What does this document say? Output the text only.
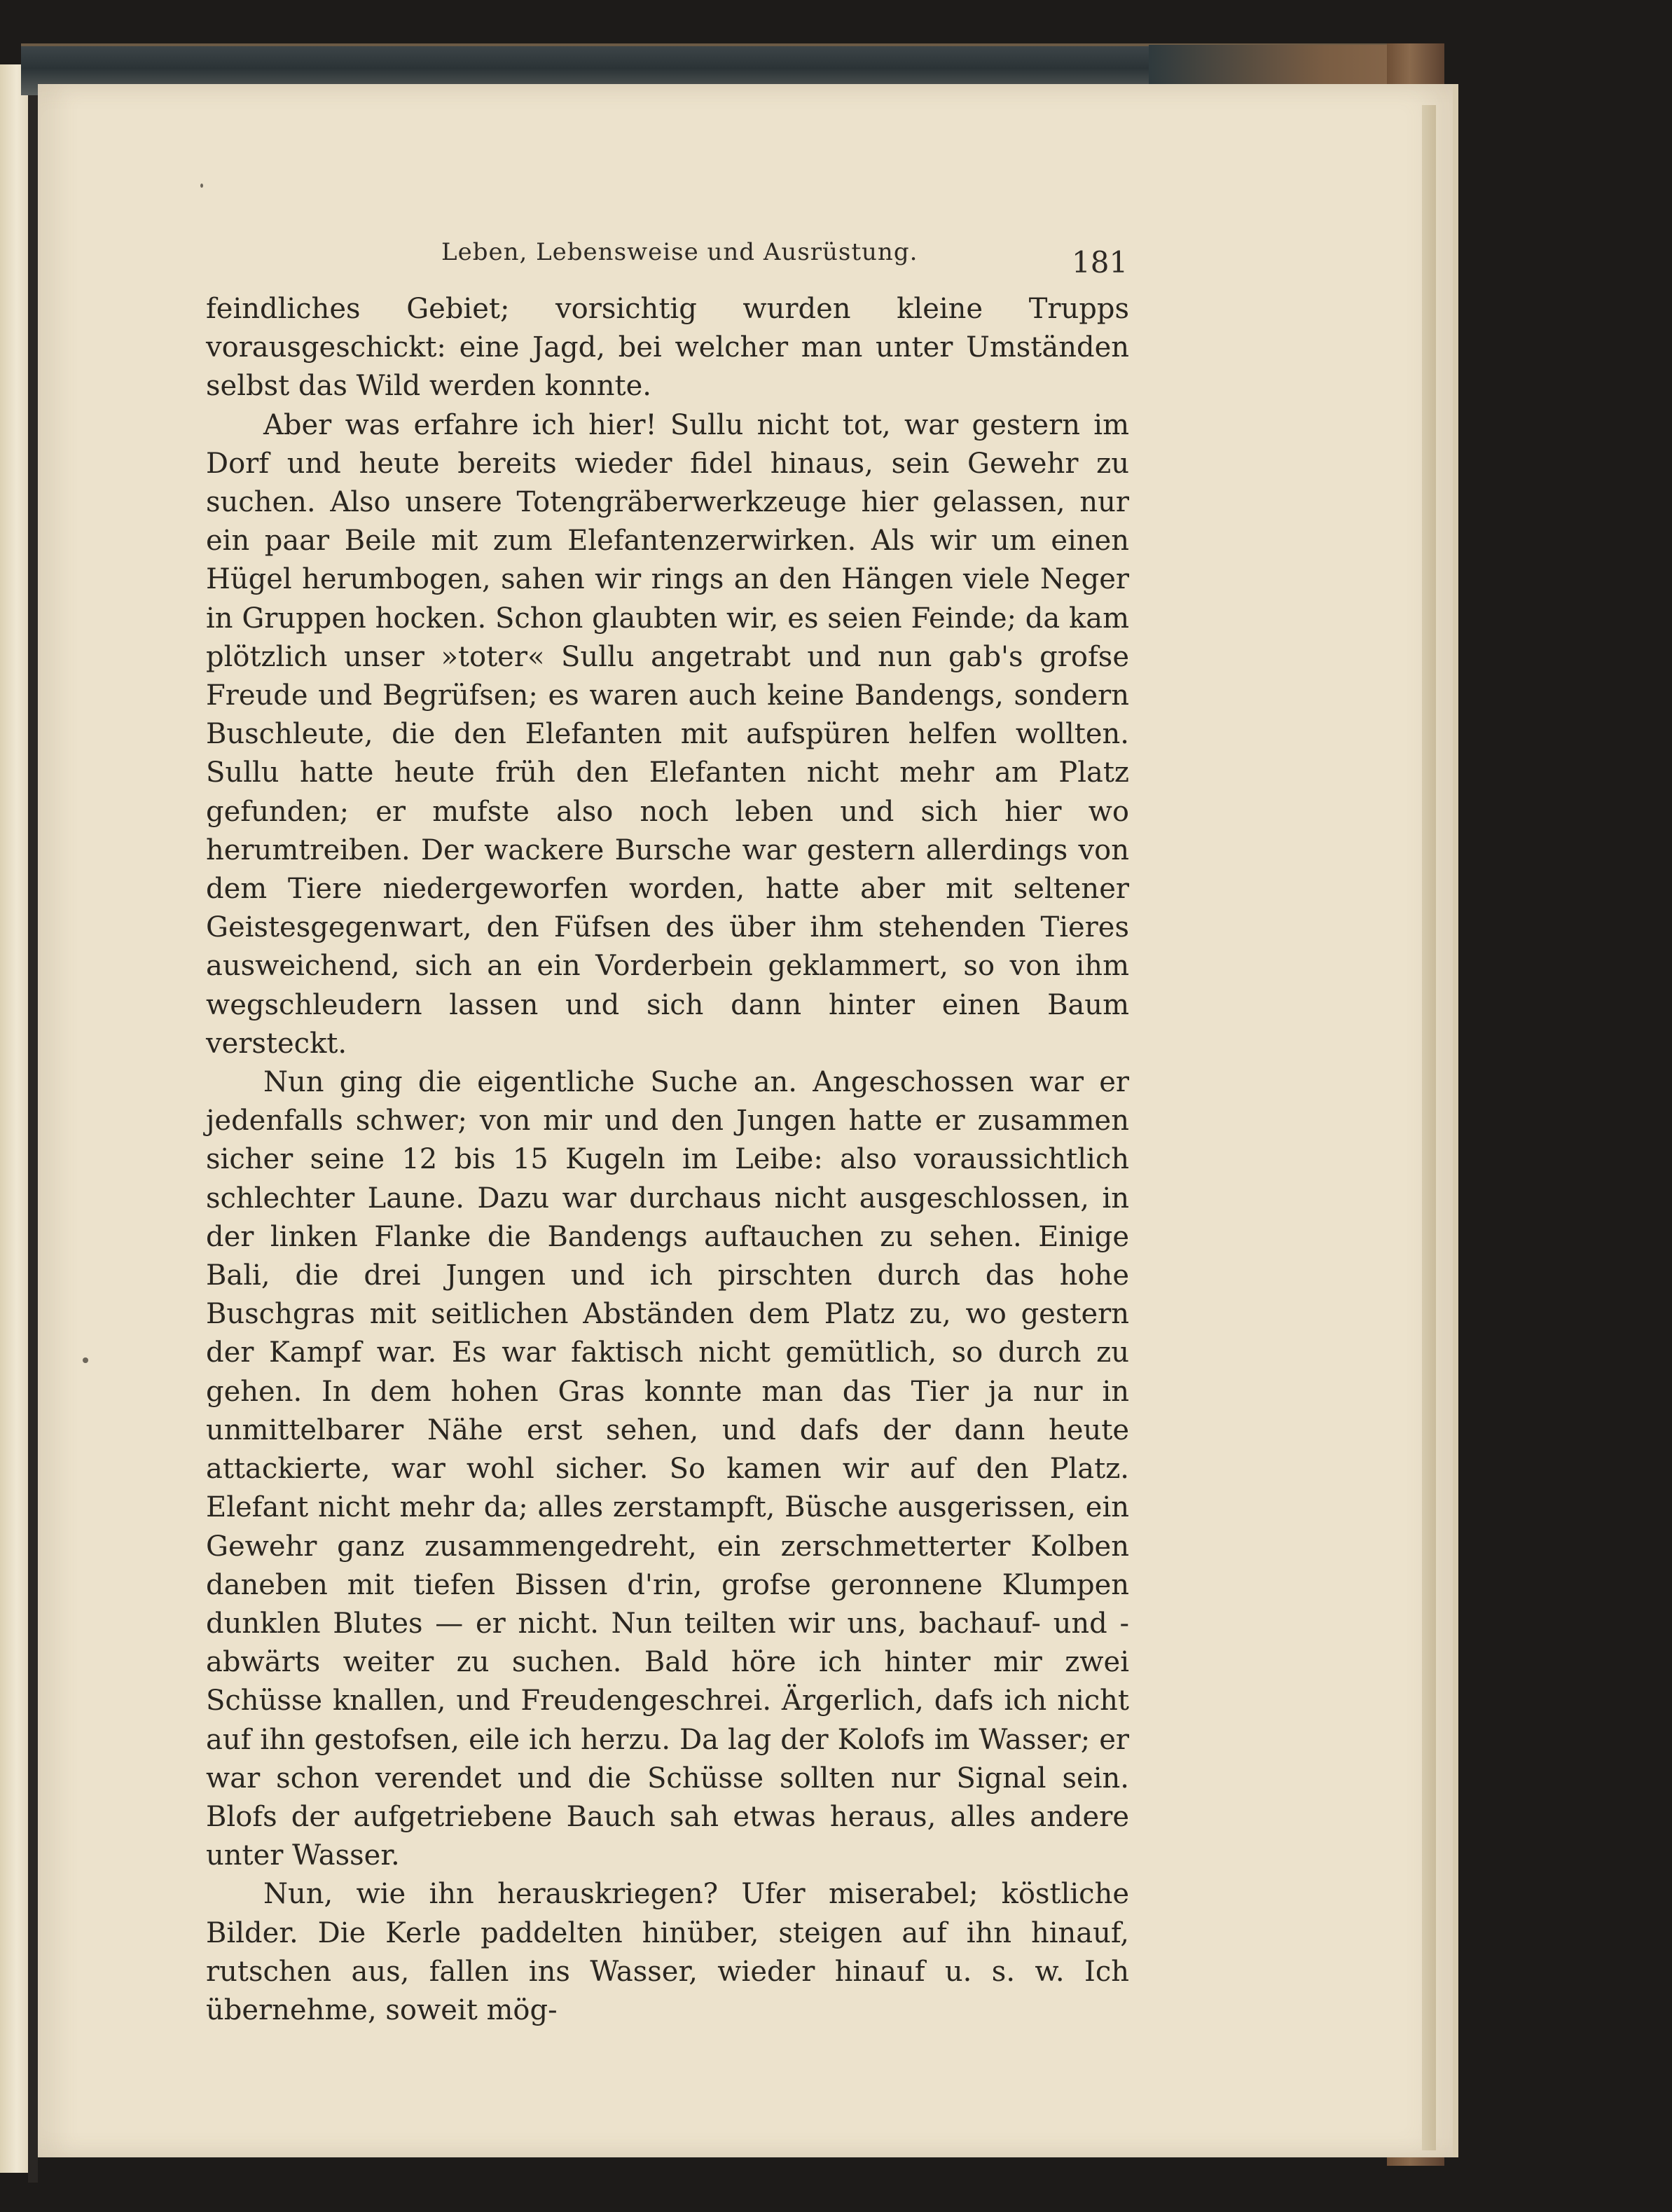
Leben, Lebensweise und Ausrüstung.	181

feindliches Gebiet; vorsichtig wurden kleine Trupps vorausgeschickt: eine Jagd, bei welcher man unter Umständen selbst das Wild werden konnte.

Aber was erfahre ich hier! Sullu nicht tot, war gestern im Dorf und heute bereits wieder fidel hinaus, sein Gewehr zu suchen. Also unsere Totengräberwerkzeuge hier gelassen, nur ein paar Beile mit zum Elefantenzerwirken. Als wir um einen Hügel herumbogen, sahen wir rings an den Hängen viele Neger in Gruppen hocken. Schon glaubten wir, es seien Feinde; da kam plötzlich unser »toter« Sullu angetrabt und nun gab's grofse Freude und Begrüfsen; es waren auch keine Bandengs, sondern Buschleute, die den Elefanten mit aufspüren helfen wollten. Sullu hatte heute früh den Elefanten nicht mehr am Platz gefunden; er mufste also noch leben und sich hier wo herumtreiben. Der wackere Bursche war gestern allerdings von dem Tiere niedergeworfen worden, hatte aber mit seltener Geistesgegenwart, den Füfsen des über ihm stehenden Tieres ausweichend, sich an ein Vorderbein geklammert, so von ihm wegschleudern lassen und sich dann hinter einen Baum versteckt.

Nun ging die eigentliche Suche an. Angeschossen war er jedenfalls schwer; von mir und den Jungen hatte er zusammen sicher seine 12 bis 15 Kugeln im Leibe: also voraussichtlich schlechter Laune. Dazu war durchaus nicht ausgeschlossen, in der linken Flanke die Bandengs auftauchen zu sehen. Einige Bali, die drei Jungen und ich pirschten durch das hohe Buschgras mit seitlichen Abständen dem Platz zu, wo gestern der Kampf war. Es war faktisch nicht gemütlich, so durch zu gehen. In dem hohen Gras konnte man das Tier ja nur in unmittelbarer Nähe erst sehen, und dafs der dann heute attackierte, war wohl sicher. So kamen wir auf den Platz. Elefant nicht mehr da; alles zerstampft, Büsche ausgerissen, ein Gewehr ganz zusammengedreht, ein zerschmetterter Kolben daneben mit tiefen Bissen d'rin, grofse geronnene Klumpen dunklen Blutes — er nicht. Nun teilten wir uns, bachauf- und -abwärts weiter zu suchen. Bald höre ich hinter mir zwei Schüsse knallen, und Freudengeschrei. Ärgerlich, dafs ich nicht auf ihn gestofsen, eile ich herzu. Da lag der Kolofs im Wasser; er war schon verendet und die Schüsse sollten nur Signal sein. Blofs der aufgetriebene Bauch sah etwas heraus, alles andere unter Wasser.

Nun, wie ihn herauskriegen? Ufer miserabel; köstliche Bilder. Die Kerle paddelten hinüber, steigen auf ihn hinauf, rutschen aus, fallen ins Wasser, wieder hinauf u. s. w. Ich übernehme, soweit mög-
